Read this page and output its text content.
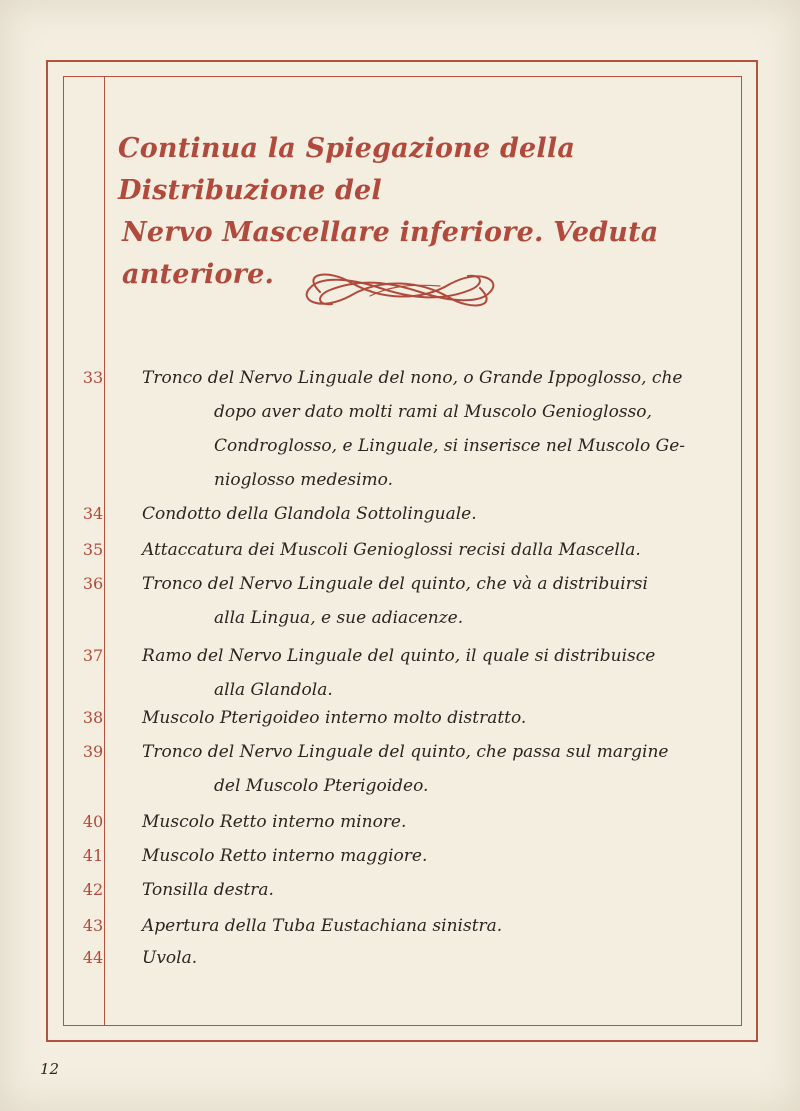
Continua la Spiegazione della Distribuzione del
Nervo Mascellare inferiore. Veduta anteriore.
33	Tronco del Nervo Linguale del nono, o Grande Ippoglosso, che
dopo aver dato molti rami al Muscolo Genioglosso,
Condroglosso, e Linguale, si inserisce nel Muscolo Ge-
nioglosso medesimo.
34	Condotto della Glandola Sottolinguale.
35	Attaccatura dei Muscoli Genioglossi recisi dalla Mascella.
36	Tronco del Nervo Linguale del quinto, che và a distribuirsi
alla Lingua, e sue adiacenze.
37	Ramo del Nervo Linguale del quinto, il quale si distribuisce
alla Glandola.
38	Muscolo Pterigoideo interno molto distratto.
39	Tronco del Nervo Linguale del quinto, che passa sul margine
del Muscolo Pterigoideo.
40	Muscolo Retto interno minore.
41	Muscolo Retto interno maggiore.
42	Tonsilla destra.
43	Apertura della Tuba Eustachiana sinistra.
44	Uvola.
12
